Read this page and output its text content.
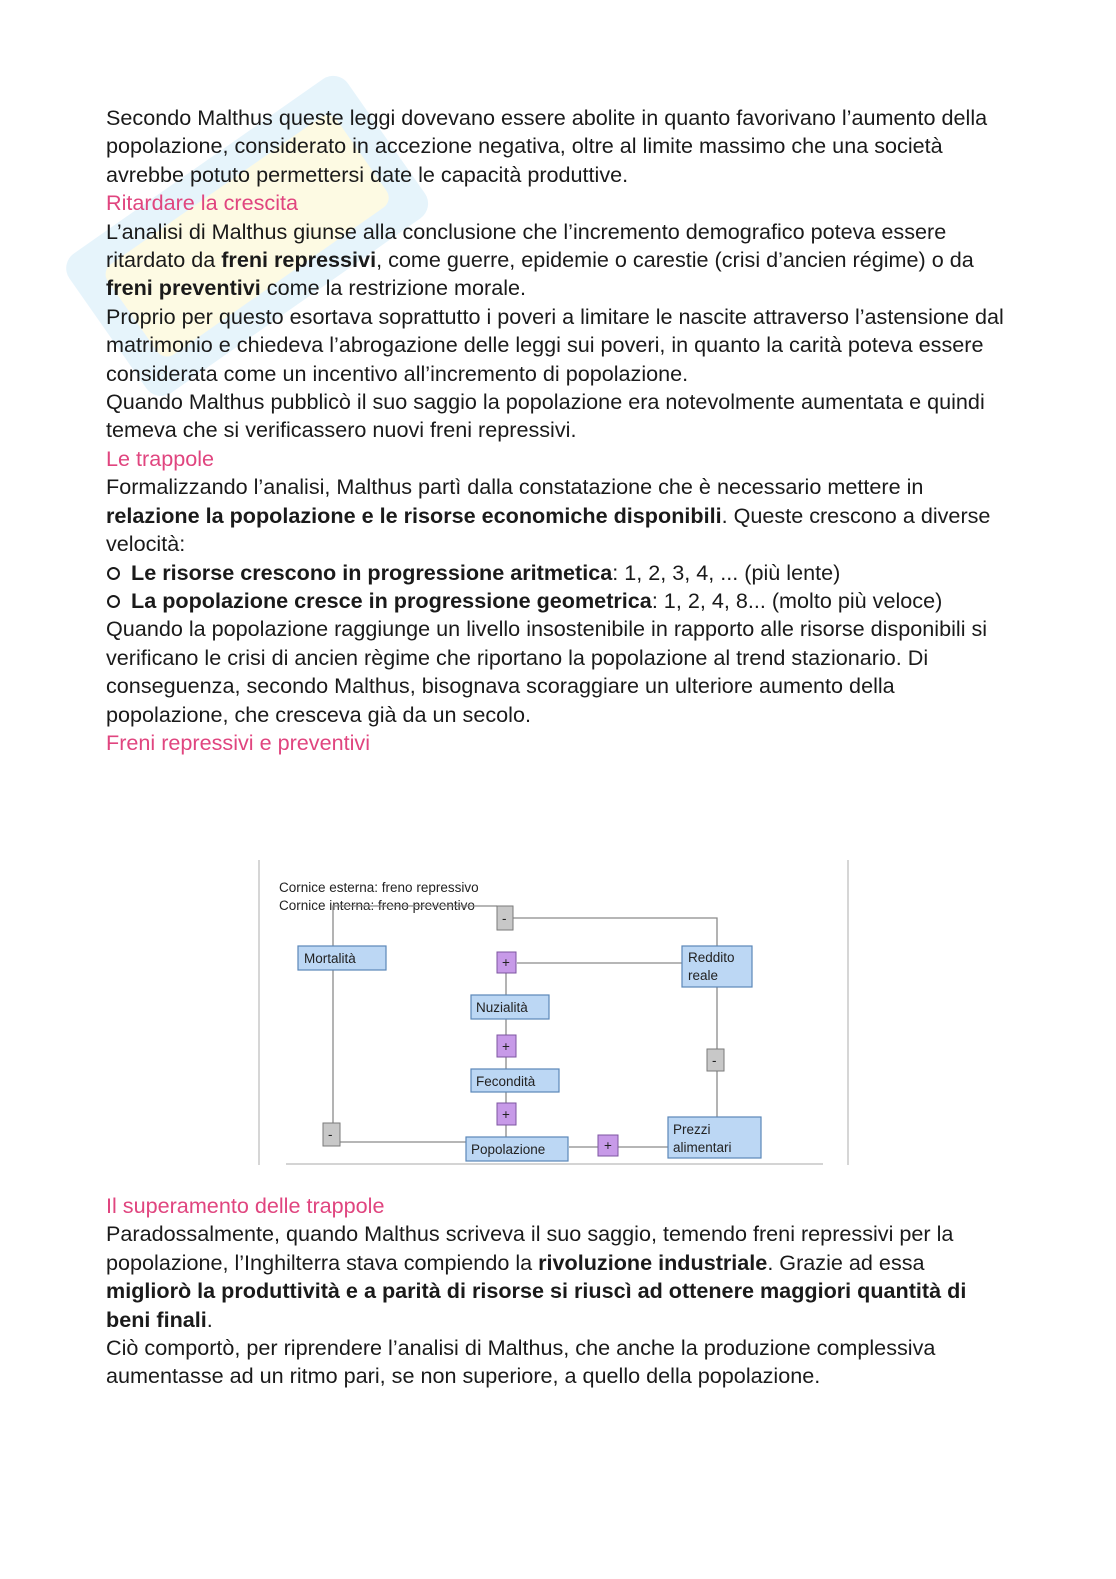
Secondo Malthus queste leggi dovevano essere abolite in quanto favorivano l’aumento della popolazione, considerato in accezione negativa, oltre al limite massimo che una società avrebbe potuto permettersi date le capacità produttive.

Ritardare la crescita

L’analisi di Malthus giunse alla conclusione che l’incremento demografico poteva essere ritardato da freni repressivi, come guerre, epidemie o carestie (crisi d’ancien régime) o da freni preventivi come la restrizione morale.

Proprio per questo esortava soprattutto i poveri a limitare le nascite attraverso l’astensione dal matrimonio e chiedeva l’abrogazione delle leggi sui poveri, in quanto la carità poteva essere considerata come un incentivo all’incremento di popolazione.

Quando Malthus pubblicò il suo saggio la popolazione era notevolmente aumentata e quindi temeva che si verificassero nuovi freni repressivi.

Le trappole

Formalizzando l’analisi, Malthus partì dalla constatazione che è necessario mettere in relazione la popolazione e le risorse economiche disponibili. Queste crescono a diverse velocità:

Le risorse crescono in progressione aritmetica: 1, 2, 3, 4, ... (più lente)
La popolazione cresce in progressione geometrica: 1, 2, 4, 8... (molto più veloce)

Quando la popolazione raggiunge un livello insostenibile in rapporto alle risorse disponibili si verificano le crisi di ancien règime che riportano la popolazione al trend stazionario. Di conseguenza, secondo Malthus, bisognava scoraggiare un ulteriore aumento della popolazione, che cresceva già da un secolo.

Freni repressivi e preventivi

Cornice esterna: freno repressivo
Cornice interna: freno preventivo
Mortalità	Reddito
reale
Nuzialità
Fecondità
Popolazione
Prezzi
alimentari
-
+
+
+
+
-
-

Il superamento delle trappole

Paradossalmente, quando Malthus scriveva il suo saggio, temendo freni repressivi per la popolazione, l’Inghilterra stava compiendo la rivoluzione industriale. Grazie ad essa migliorò la produttività e a parità di risorse si riuscì ad ottenere maggiori quantità di beni finali.

Ciò comportò, per riprendere l’analisi di Malthus, che anche la produzione complessiva aumentasse ad un ritmo pari, se non superiore, a quello della popolazione.
